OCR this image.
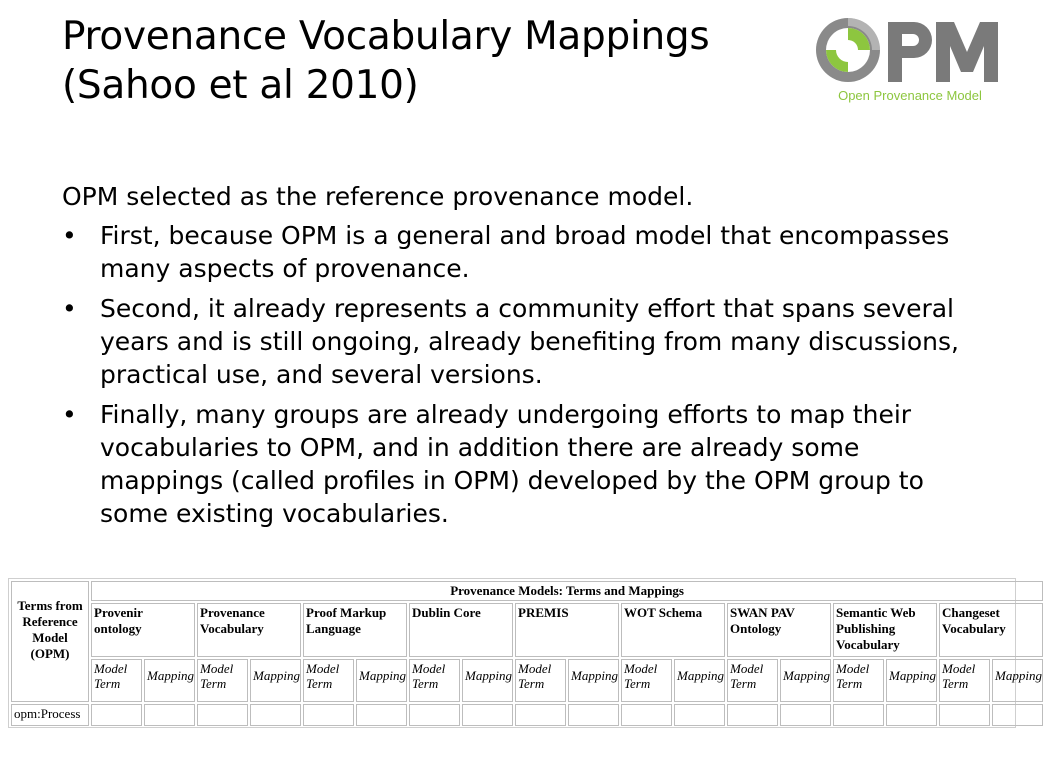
Provenance Vocabulary Mappings
(Sahoo et al 2010)	Open Provenance Model

OPM selected as the reference provenance model.

• First, because OPM is a general and broad model that encompasses many aspects of provenance.
• Second, it already represents a community effort that spans several years and is still ongoing, already benefiting from many discussions, practical use, and several versions.
• Finally, many groups are already undergoing efforts to map their vocabularies to OPM, and in addition there are already some mappings (called profiles in OPM) developed by the OPM group to some existing vocabularies.
Terms from Reference Model (OPM)	Provenance Models: Terms and Mappings																	
	Provenir ontology		Provenance Vocabulary		Proof Markup Language		Dublin Core		PREMIS		WOT Schema		SWAN PAV Ontology		Semantic Web Publishing Vocabulary		Changeset Vocabulary	
	Model Term	Mapping	Model Term	Mapping	Model Term	Mapping	Model Term	Mapping	Model Term	Mapping	Model Term	Mapping	Model Term	Mapping	Model Term	Mapping	Model Term	Mapping
opm:Process																		
